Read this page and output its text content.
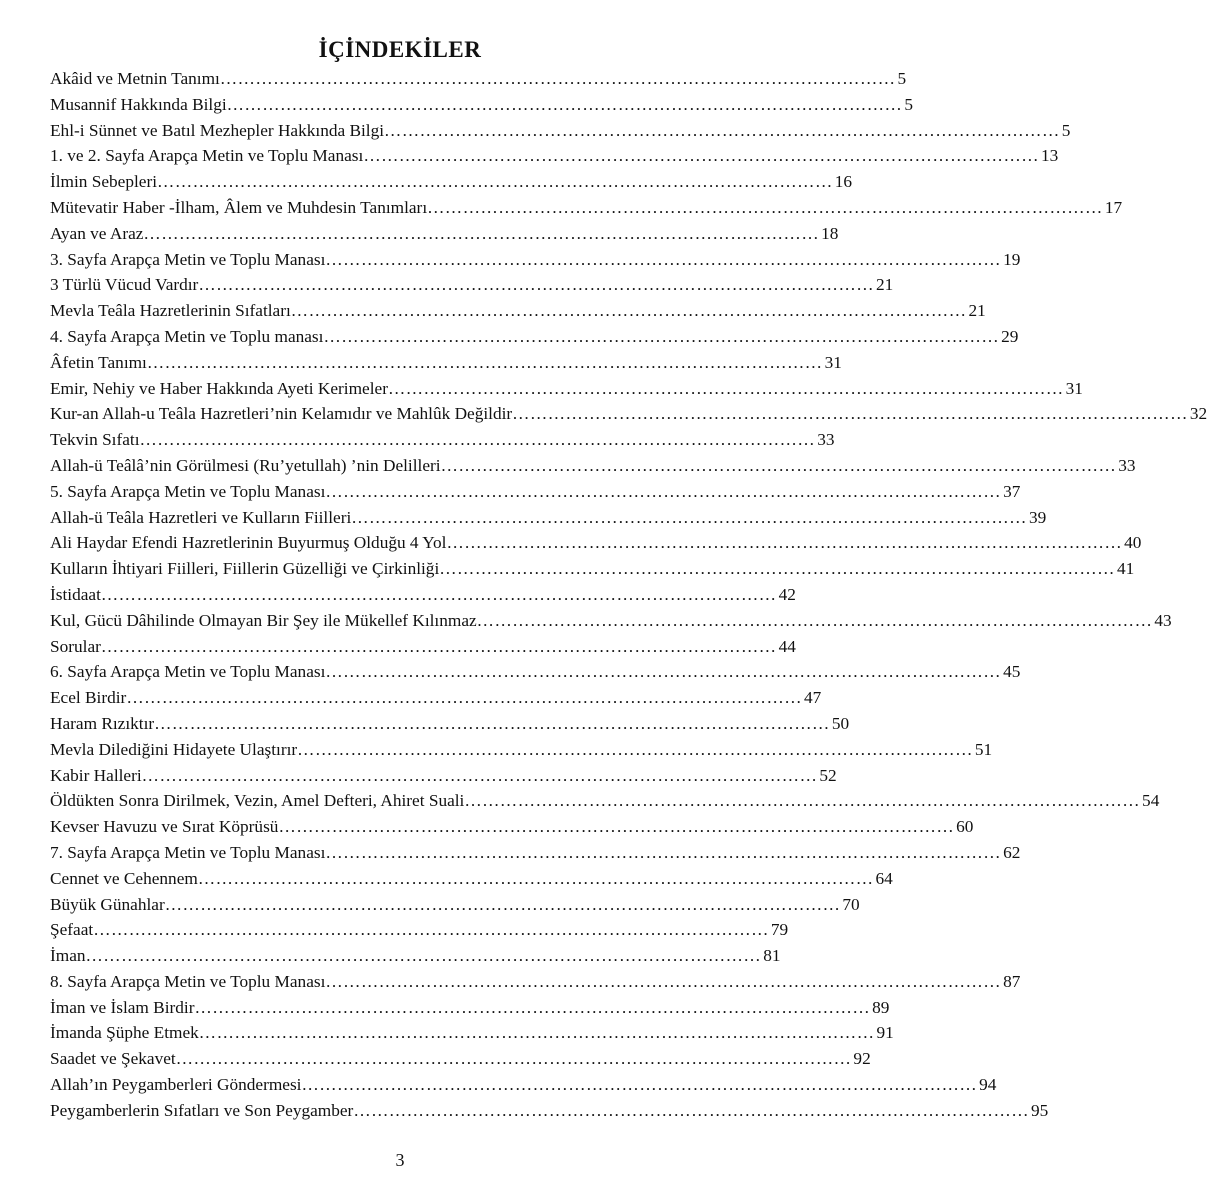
İÇİNDEKİLER
Akâid ve Metnin Tanımı …………………………………………………………………………………………………… 5
Musannif Hakkında Bilgi …………………………………………………………………………………………………… 5
Ehl-i Sünnet ve Batıl Mezhepler Hakkında Bilgi …………………………………………………………………………………………………… 5
1. ve 2. Sayfa Arapça Metin ve Toplu Manası …………………………………………………………………………………………………… 13
İlmin Sebepleri …………………………………………………………………………………………………… 16
Mütevatir Haber -İlham, Âlem ve Muhdesin Tanımları …………………………………………………………………………………………………… 17
Ayan ve Araz …………………………………………………………………………………………………… 18
3. Sayfa Arapça Metin ve Toplu Manası …………………………………………………………………………………………………… 19
3 Türlü Vücud Vardır …………………………………………………………………………………………………… 21
Mevla Teâla Hazretlerinin Sıfatları …………………………………………………………………………………………………… 21
4. Sayfa Arapça Metin ve Toplu manası …………………………………………………………………………………………………… 29
Âfetin Tanımı …………………………………………………………………………………………………… 31
Emir, Nehiy ve Haber Hakkında Ayeti Kerimeler …………………………………………………………………………………………………… 31
Kur-an Allah-u Teâla Hazretleri’nin Kelamıdır ve Mahlûk Değildir …………………………………………………………………………………………………… 32
Tekvin Sıfatı …………………………………………………………………………………………………… 33
Allah-ü Teâlâ’nin Görülmesi (Ru’yetullah) ’nin Delilleri …………………………………………………………………………………………………… 33
5. Sayfa Arapça Metin ve Toplu Manası …………………………………………………………………………………………………… 37
Allah-ü Teâla Hazretleri ve Kulların Fiilleri …………………………………………………………………………………………………… 39
Ali Haydar Efendi Hazretlerinin Buyurmuş Olduğu 4 Yol …………………………………………………………………………………………………… 40
Kulların İhtiyari Fiilleri, Fiillerin Güzelliği ve Çirkinliği …………………………………………………………………………………………………… 41
İstidaat …………………………………………………………………………………………………… 42
Kul, Gücü Dâhilinde Olmayan Bir Şey ile Mükellef Kılınmaz …………………………………………………………………………………………………… 43
Sorular …………………………………………………………………………………………………… 44
6. Sayfa Arapça Metin ve Toplu Manası …………………………………………………………………………………………………… 45
Ecel Birdir …………………………………………………………………………………………………… 47
Haram Rızıktır …………………………………………………………………………………………………… 50
Mevla Dilediğini Hidayete Ulaştırır …………………………………………………………………………………………………… 51
Kabir Halleri …………………………………………………………………………………………………… 52
Öldükten Sonra Dirilmek, Vezin, Amel Defteri, Ahiret Suali …………………………………………………………………………………………………… 54
Kevser Havuzu ve Sırat Köprüsü …………………………………………………………………………………………………… 60
7. Sayfa Arapça Metin ve Toplu Manası …………………………………………………………………………………………………… 62
Cennet ve Cehennem …………………………………………………………………………………………………… 64
Büyük Günahlar …………………………………………………………………………………………………… 70
Şefaat …………………………………………………………………………………………………… 79
İman …………………………………………………………………………………………………… 81
8. Sayfa Arapça Metin ve Toplu Manası …………………………………………………………………………………………………… 87
İman ve İslam Birdir …………………………………………………………………………………………………… 89
İmanda Şüphe Etmek …………………………………………………………………………………………………… 91
Saadet ve Şekavet …………………………………………………………………………………………………… 92
Allah’ın Peygamberleri Göndermesi …………………………………………………………………………………………………… 94
Peygamberlerin Sıfatları ve Son Peygamber …………………………………………………………………………………………………… 95
3
